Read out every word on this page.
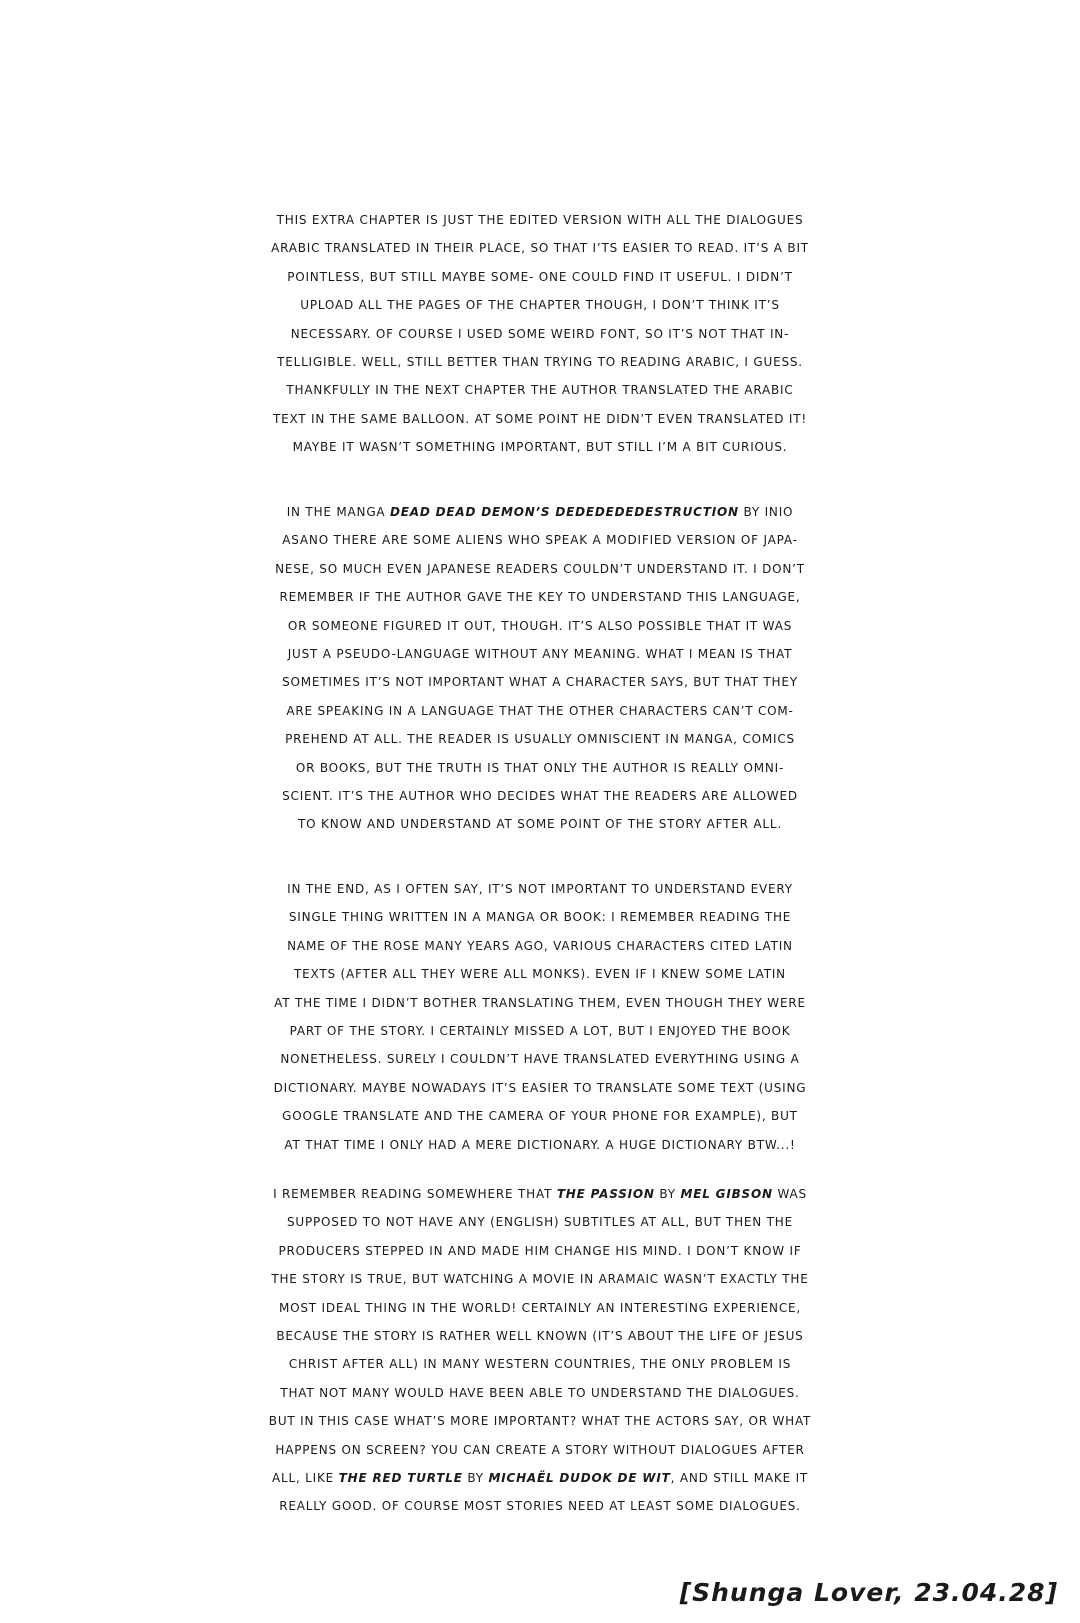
THIS EXTRA CHAPTER IS JUST THE EDITED VERSION WITH ALL THE DIALOGUES
ARABIC TRANSLATED IN THEIR PLACE, SO THAT I’TS EASIER TO READ. IT’S A BIT
POINTLESS, BUT STILL MAYBE SOME- ONE COULD FIND IT USEFUL. I DIDN’T
UPLOAD ALL THE PAGES OF THE CHAPTER THOUGH, I DON’T THINK IT’S
NECESSARY. OF COURSE I USED SOME WEIRD FONT, SO IT’S NOT THAT IN-
TELLIGIBLE. WELL, STILL BETTER THAN TRYING TO READING ARABIC, I GUESS.
THANKFULLY IN THE NEXT CHAPTER THE AUTHOR TRANSLATED THE ARABIC
TEXT IN THE SAME BALLOON. AT SOME POINT HE DIDN’T EVEN TRANSLATED IT!
MAYBE IT WASN’T SOMETHING IMPORTANT, BUT STILL I’M A BIT CURIOUS.
IN THE MANGA DEAD DEAD DEMON’S DEDEDEDEDESTRUCTION BY INIO
ASANO THERE ARE SOME ALIENS WHO SPEAK A MODIFIED VERSION OF JAPA-
NESE, SO MUCH EVEN JAPANESE READERS COULDN’T UNDERSTAND IT. I DON’T
REMEMBER IF THE AUTHOR GAVE THE KEY TO UNDERSTAND THIS LANGUAGE,
OR SOMEONE FIGURED IT OUT, THOUGH. IT’S ALSO POSSIBLE THAT IT WAS
JUST A PSEUDO-LANGUAGE WITHOUT ANY MEANING. WHAT I MEAN IS THAT
SOMETIMES IT’S NOT IMPORTANT WHAT A CHARACTER SAYS, BUT THAT THEY
ARE SPEAKING IN A LANGUAGE THAT THE OTHER CHARACTERS CAN’T COM-
PREHEND AT ALL. THE READER IS USUALLY OMNISCIENT IN MANGA, COMICS
OR BOOKS, BUT THE TRUTH IS THAT ONLY THE AUTHOR IS REALLY OMNI-
SCIENT. IT’S THE AUTHOR WHO DECIDES WHAT THE READERS ARE ALLOWED
TO KNOW AND UNDERSTAND AT SOME POINT OF THE STORY AFTER ALL.
IN THE END, AS I OFTEN SAY, IT’S NOT IMPORTANT TO UNDERSTAND EVERY
SINGLE THING WRITTEN IN A MANGA OR BOOK: I REMEMBER READING THE
NAME OF THE ROSE MANY YEARS AGO, VARIOUS CHARACTERS CITED LATIN
TEXTS (AFTER ALL THEY WERE ALL MONKS). EVEN IF I KNEW SOME LATIN
AT THE TIME I DIDN’T BOTHER TRANSLATING THEM, EVEN THOUGH THEY WERE
PART OF THE STORY. I CERTAINLY MISSED A LOT, BUT I ENJOYED THE BOOK
NONETHELESS. SURELY I COULDN’T HAVE TRANSLATED EVERYTHING USING A
DICTIONARY. MAYBE NOWADAYS IT’S EASIER TO TRANSLATE SOME TEXT (USING
GOOGLE TRANSLATE AND THE CAMERA OF YOUR PHONE FOR EXAMPLE), BUT
AT THAT TIME I ONLY HAD A MERE DICTIONARY. A HUGE DICTIONARY BTW...!
I REMEMBER READING SOMEWHERE THAT THE PASSION BY MEL GIBSON WAS
SUPPOSED TO NOT HAVE ANY (ENGLISH) SUBTITLES AT ALL, BUT THEN THE
PRODUCERS STEPPED IN AND MADE HIM CHANGE HIS MIND. I DON’T KNOW IF
THE STORY IS TRUE, BUT WATCHING A MOVIE IN ARAMAIC WASN’T EXACTLY THE
MOST IDEAL THING IN THE WORLD! CERTAINLY AN INTERESTING EXPERIENCE,
BECAUSE THE STORY IS RATHER WELL KNOWN (IT’S ABOUT THE LIFE OF JESUS
CHRIST AFTER ALL) IN MANY WESTERN COUNTRIES, THE ONLY PROBLEM IS
THAT NOT MANY WOULD HAVE BEEN ABLE TO UNDERSTAND THE DIALOGUES.
BUT IN THIS CASE WHAT’S MORE IMPORTANT? WHAT THE ACTORS SAY, OR WHAT
HAPPENS ON SCREEN? YOU CAN CREATE A STORY WITHOUT DIALOGUES AFTER
ALL, LIKE THE RED TURTLE BY MICHAËL DUDOK DE WIT, AND STILL MAKE IT
REALLY GOOD. OF COURSE MOST STORIES NEED AT LEAST SOME DIALOGUES.
[Shunga Lover, 23.04.28]
